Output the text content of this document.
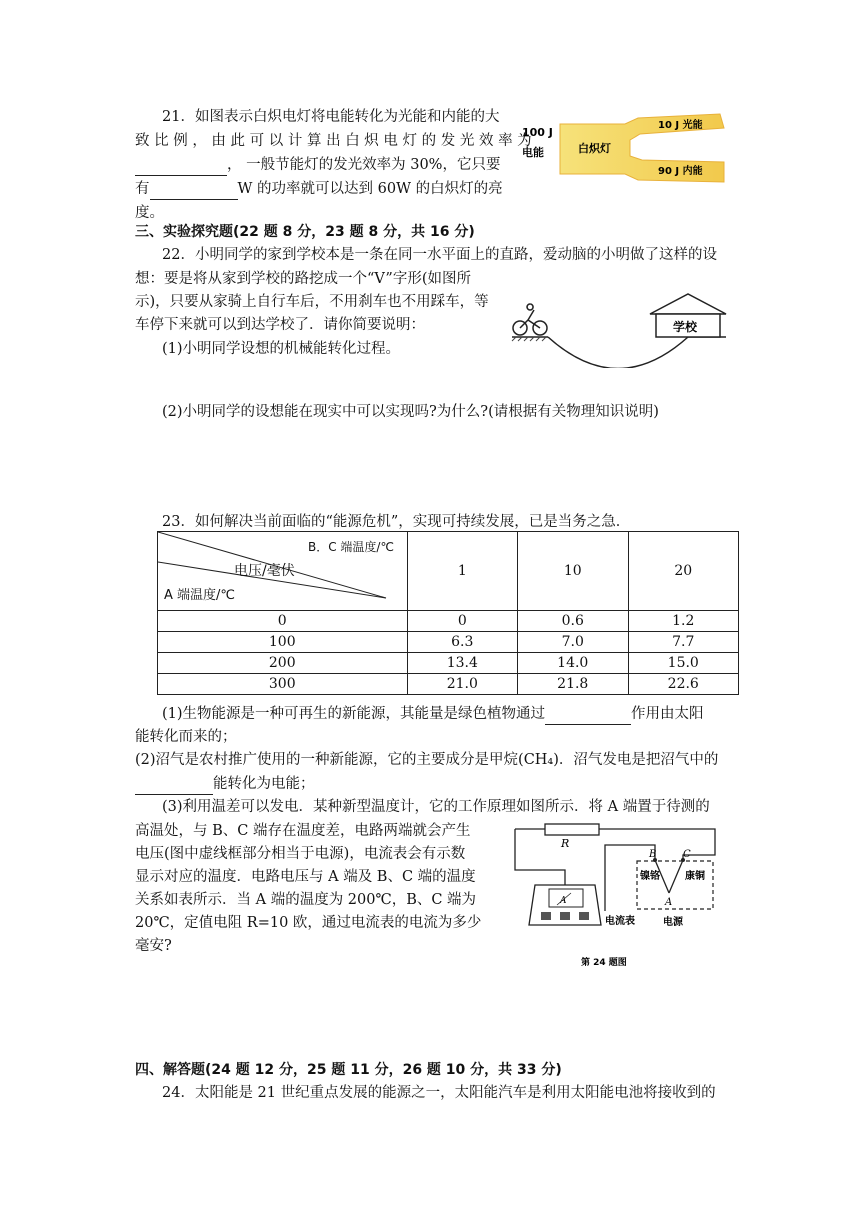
21．如图表示白炽电灯将电能转化为光能和内能的大
致 比 例 ， 由 此 可 以 计 算 出 白 炽 电 灯 的 发 光 效 率 为
， 一般节能灯的发光效率为 30%，它只要
有	W 的功率就可以达到 60W 的白炽灯的亮
度。
100 J
电能	白炽灯
10 J 光能
90 J 内能
三、实验探究题(22 题 8 分，23 题 8 分，共 16 分)
22．小明同学的家到学校本是一条在同一水平面上的直路，爱动脑的小明做了这样的设
想：要是将从家到学校的路挖成一个“V”字形(如图所
示)，只要从家骑上自行车后，不用刹车也不用踩车，等
车停下来就可以到达学校了．请你简要说明：
(1)小明同学设想的机械能转化过程。
(2)小明同学的设想能在现实中可以实现吗?为什么?(请根据有关物理知识说明)
学校
23．如何解决当前面临的“能源危机”，实现可持续发展，已是当务之急．
B．C 端温度/℃
电压/毫伏
A 端温度/℃	1	10	20
0	0	0.6	1.2
100	6.3	7.0	7.7
200	13.4	14.0	15.0
300	21.0	21.8	22.6
(1)生物能源是一种可再生的新能源，其能量是绿色植物通过	作用由太阳
能转化而来的；
(2)沼气是农村推广使用的一种新能源，它的主要成分是甲烷(CH₄)．沼气发电是把沼气中的
能转化为电能；
(3)利用温差可以发电．某种新型温度计，它的工作原理如图所示．将 A 端置于待测的
高温处，与 B、C 端存在温度差，电路两端就会产生
电压(图中虚线框部分相当于电源)，电流表会有示数
显示对应的温度．电路电压与 A 端及 B、C 端的温度
关系如表所示．当 A 端的温度为 200℃，B、C 端为
20℃，定值电阻 R=10 欧，通过电流表的电流为多少
毫安?
R
B	C
A
镍铬	康铜
电源
A
电流表
第 24 题图
四、解答题(24 题 12 分，25 题 11 分，26 题 10 分，共 33 分)
24．太阳能是 21 世纪重点发展的能源之一，太阳能汽车是利用太阳能电池将接收到的
